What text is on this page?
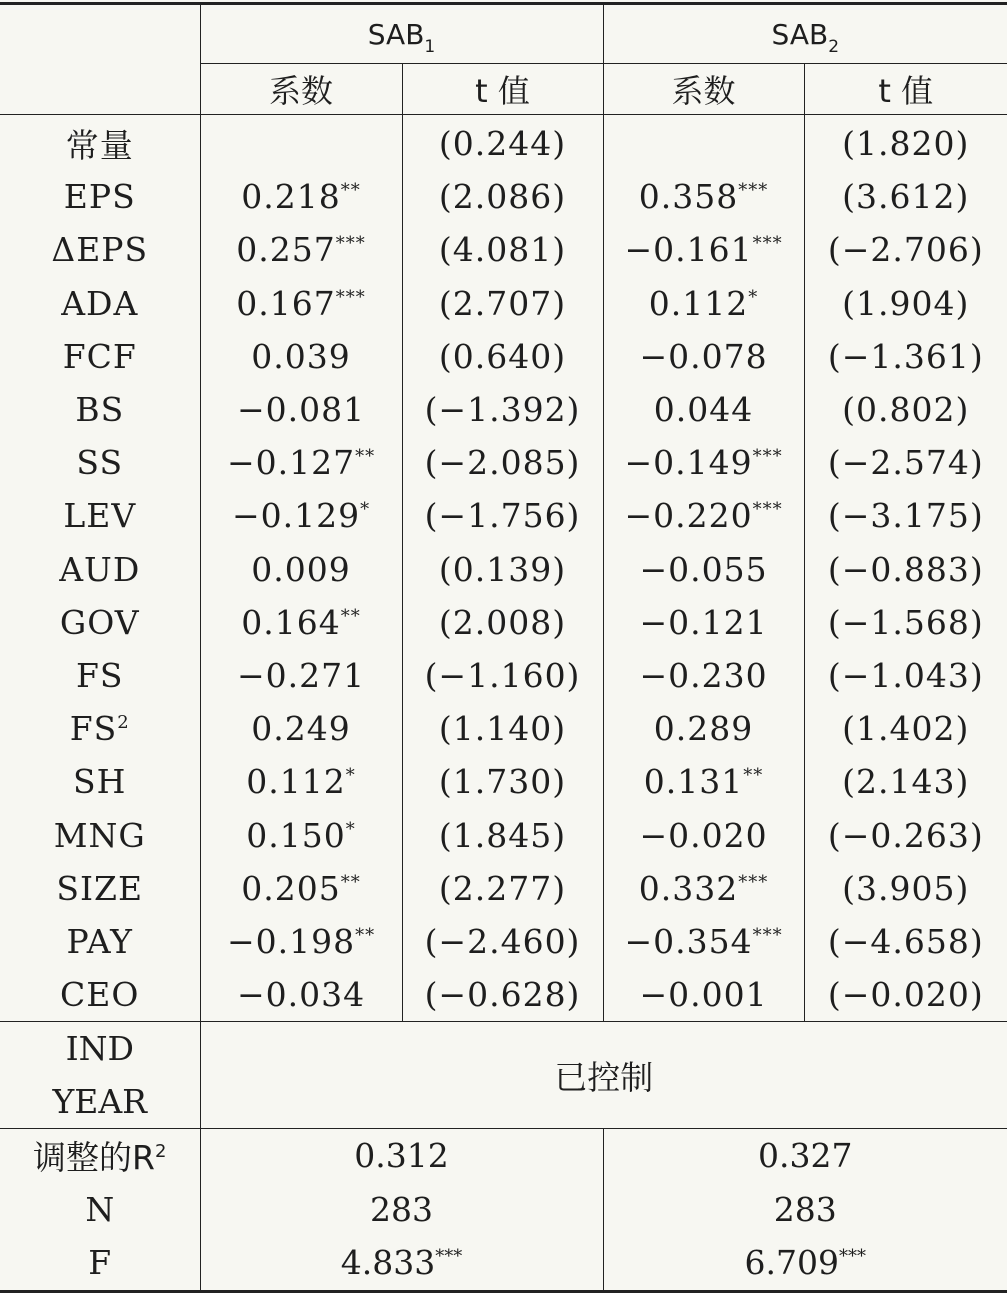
	$SAB_1$		$SAB_2$
	系数	t 值	系数	t 值
常量		(0.244)		(1.820)
EPS	0.218**	(2.086)	0.358***	(3.612)
ΔEPS	0.257***	(4.081)	−0.161***	(−2.706)
ADA	0.167***	(2.707)	0.112*	(1.904)
FCF	0.039	(0.640)	−0.078	(−1.361)
BS	−0.081	(−1.392)	0.044	(0.802)
SS	−0.127**	(−2.085)	−0.149***	(−2.574)
LEV	−0.129*	(−1.756)	−0.220***	(−3.175)
AUD	0.009	(0.139)	−0.055	(−0.883)
GOV	0.164**	(2.008)	−0.121	(−1.568)
FS	−0.271	(−1.160)	−0.230	(−1.043)
$FS^2$	0.249	(1.140)	0.289	(1.402)
SH	0.112*	(1.730)	0.131**	(2.143)
MNG	0.150*	(1.845)	−0.020	(−0.263)
SIZE	0.205**	(2.277)	0.332***	(3.905)
PAY	−0.198**	(−2.460)	−0.354***	(−4.658)
CEO	−0.034	(−0.628)	−0.001	(−0.020)

IND
YEAR	已控制			
调整的$R^2$	0.312		0.327	
N	283		283	
F	4.833***		6.709***
